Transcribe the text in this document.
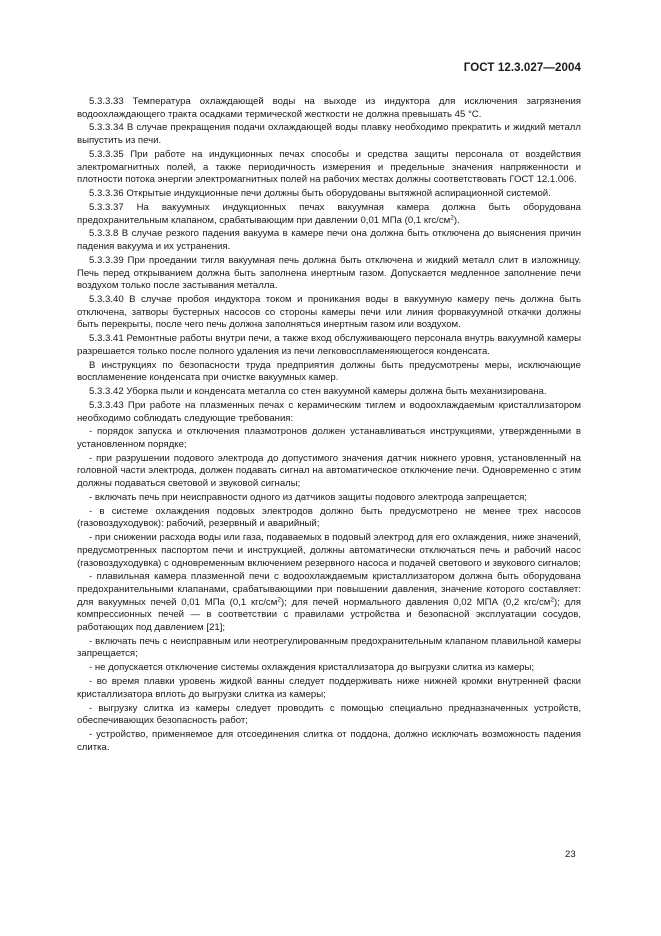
ГОСТ 12.3.027—2004

5.3.3.33 Температура охлаждающей воды на выходе из индуктора для исключения загрязнения водоохлаждающего тракта осадками термической жесткости не должна превышать 45 °С.

5.3.3.34 В случае прекращения подачи охлаждающей воды плавку необходимо прекратить и жидкий металл выпустить из печи.

5.3.3.35 При работе на индукционных печах способы и средства защиты персонала от воздействия электромагнитных полей, а также периодичность измерения и предельные значения напряженности и плотности потока энергии электромагнитных полей на рабочих местах должны соответствовать ГОСТ 12.1.006.

5.3.3.36 Открытые индукционные печи должны быть оборудованы вытяжной аспирационной системой.

5.3.3.37 На вакуумных индукционных печах вакуумная камера должна быть оборудована предохранительным клапаном, срабатывающим при давлении 0,01 МПа (0,1 кгс/$см^2$).

5.3.3.8 В случае резкого падения вакуума в камере печи она должна быть отключена до выяснения причин падения вакуума и их устранения.

5.3.3.39 При проедании тигля вакуумная печь должна быть отключена и жидкий металл слит в изложницу. Печь перед открыванием должна быть заполнена инертным газом. Допускается медленное заполнение печи воздухом только после застывания металла.

5.3.3.40 В случае пробоя индуктора током и проникания воды в вакуумную камеру печь должна быть отключена, затворы бустерных насосов со стороны камеры печи или линия форвакуумной откачки должны быть перекрыты, после чего печь должна заполняться инертным газом или воздухом.

5.3.3.41 Ремонтные работы внутри печи, а также вход обслуживающего персонала внутрь вакуумной камеры разрешается только после полного удаления из печи легковоспламеняющегося конденсата.

В инструкциях по безопасности труда предприятия должны быть предусмотрены меры, исключающие воспламенение конденсата при очистке вакуумных камер.

5.3.3.42 Уборка пыли и конденсата металла со стен вакуумной камеры должна быть механизирована.

5.3.3.43 При работе на плазменных печах с керамическим тиглем и водоохлаждаемым кристаллизатором необходимо соблюдать следующие требования:

- порядок запуска и отключения плазмотронов должен устанавливаться инструкциями, утвержденными в установленном порядке;

- при разрушении подового электрода до допустимого значения датчик нижнего уровня, установленный на головной части электрода, должен подавать сигнал на автоматическое отключение печи. Одновременно с этим должны подаваться световой и звуковой сигналы;

- включать печь при неисправности одного из датчиков защиты подового электрода запрещается;

- в системе охлаждения подовых электродов должно быть предусмотрено не менее трех насосов (газовоздуходувок): рабочий, резервный и аварийный;

- при снижении расхода воды или газа, подаваемых в подовый электрод для его охлаждения, ниже значений, предусмотренных паспортом печи и инструкцией, должны автоматически отключаться печь и рабочий насос (газовоздуходувка) с одновременным включением резервного насоса и подачей светового и звукового сигналов;

- плавильная камера плазменной печи с водоохлаждаемым кристаллизатором должна быть оборудована предохранительными клапанами, срабатывающими при повышении давления, значение которого составляет: для вакуумных печей 0,01 МПа (0,1 кгс/$см^2$); для печей нормального давления 0,02 МПА (0,2 кгс/$см^2$); для компрессионных печей — в соответствии с правилами устройства и безопасной эксплуатации сосудов, работающих под давлением [21];

- включать печь с неисправным или неотрегулированным предохранительным клапаном плавильной камеры запрещается;

- не допускается отключение системы охлаждения кристаллизатора до выгрузки слитка из камеры;

- во время плавки уровень жидкой ванны следует поддерживать ниже нижней кромки внутренней фаски кристаллизатора вплоть до выгрузки слитка из камеры;

- выгрузку слитка из камеры следует проводить с помощью специально предназначенных устройств, обеспечивающих безопасность работ;

- устройство, применяемое для отсоединения слитка от поддона, должно исключать возможность падения слитка.

23
